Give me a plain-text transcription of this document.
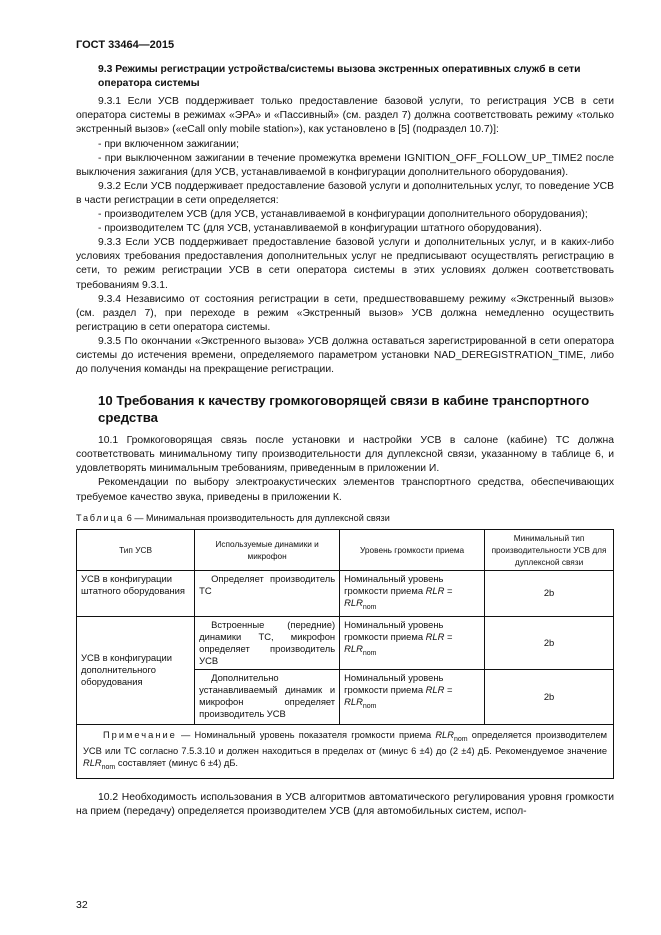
ГОСТ 33464—2015
9.3 Режимы регистрации устройства/системы вызова экстренных оперативных служб в сети оператора системы

9.3.1 Если УСВ поддерживает только предоставление базовой услуги, то регистрация УСВ в сети оператора системы в режимах «ЭРА» и «Пассивный» (см. раздел 7) должна соответствовать режиму «только экстренный вызов» («eCall only mobile station»), как установлено в [5] (подраздел 10.7)]:

- при включенном зажигании;
- при выключенном зажигании в течение промежутка времени IGNITION_OFF_FOLLOW_UP_TIME2 после выключения зажигания (для УСВ, устанавливаемой в конфигурации дополнительного оборудования).

9.3.2 Если УСВ поддерживает предоставление базовой услуги и дополнительных услуг, то поведение УСВ в части регистрации в сети определяется:

- производителем УСВ (для УСВ, устанавливаемой в конфигурации дополнительного оборудования);
- производителем ТС (для УСВ, устанавливаемой в конфигурации штатного оборудования).

9.3.3 Если УСВ поддерживает предоставление базовой услуги и дополнительных услуг, и в каких-либо условиях требования предоставления дополнительных услуг не предписывают осуществлять регистрацию в сети, то режим регистрации УСВ в сети оператора системы в этих условиях должен соответствовать требованиям 9.3.1.

9.3.4 Независимо от состояния регистрации в сети, предшествовавшему режиму «Экстренный вызов» (см. раздел 7), при переходе в режим «Экстренный вызов» УСВ должна немедленно осуществить регистрацию в сети оператора системы.

9.3.5 По окончании «Экстренного вызова» УСВ должна оставаться зарегистрированной в сети оператора системы до истечения времени, определяемого параметром установки NAD_DEREGISTRATION_TIME, либо до получения команды на прекращение регистрации.

10 Требования к качеству громкоговорящей связи в кабине транспортного средства

10.1 Громкоговорящая связь после установки и настройки УСВ в салоне (кабине) ТС должна соответствовать минимальному типу производительности для дуплексной связи, указанному в таблице 6, и удовлетворять минимальным требованиям, приведенным в приложении И.

Рекомендации по выбору электроакустических элементов транспортного средства, обеспечивающих требуемое качество звука, приведены в приложении К.

Таблица 6 — Минимальная производительность для дуплексной связи
Тип УСВ	Используемые динамики и микрофон	Уровень громкости приема	Минимальный тип производительности УСВ для дуплексной связи
УСВ в конфигурации штатного оборудования	Определяет производитель ТС	Номинальный уровень громкости приема RLR = $RLR_{nom}$	2b
УСВ в конфигурации дополнительного оборудования	Встроенные (передние) динамики ТС, микрофон определяет производитель УСВ	Номинальный уровень громкости приема RLR = $RLR_{nom}$	2b
	Дополнительно устанавливаемый динамик и микрофон определяет производитель УСВ	Номинальный уровень громкости приема RLR = $RLR_{nom}$	2b
Примечание — Номинальный уровень показателя громкости приема $RLR_{nom}$ определяется производителем УСВ или ТС согласно 7.5.3.10 и должен находиться в пределах от (минус 6 ±4) до (2 ±4) дБ. Рекомендуемое значение $RLR_{nom}$ составляет (минус 6 ±4) дБ.			

10.2 Необходимость использования в УСВ алгоритмов автоматического регулирования уровня громкости на прием (передачу) определяется производителем УСВ (для автомобильных систем, испол-

32
